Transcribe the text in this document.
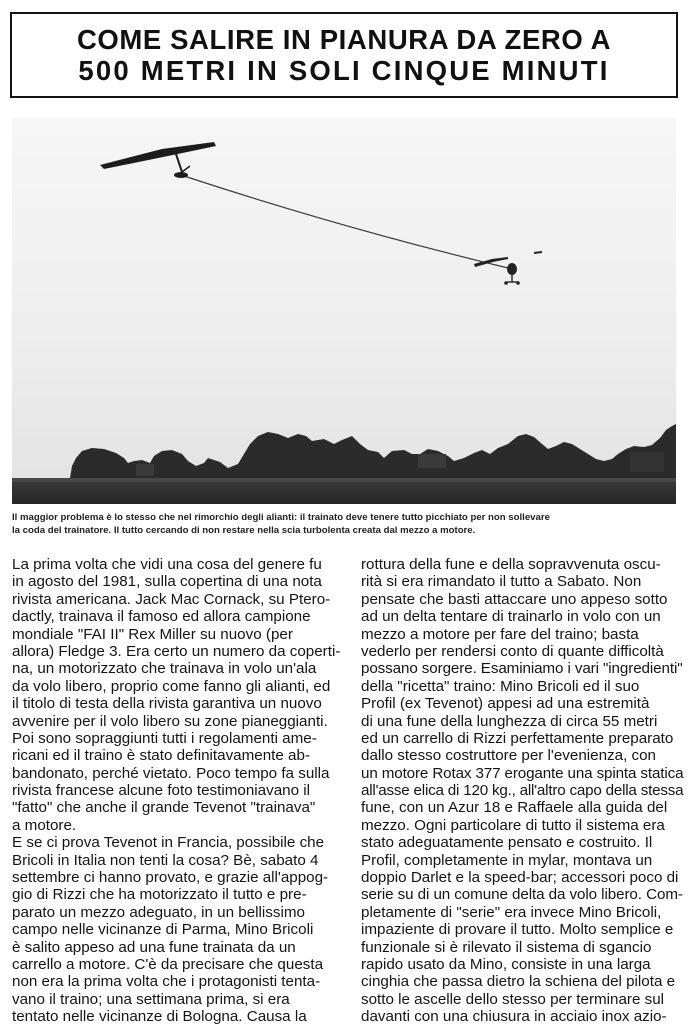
COME SALIRE IN PIANURA DA ZERO A
500 METRI IN SOLI CINQUE MINUTI
Il maggior problema è lo stesso che nel rimorchio degli alianti: il trainato deve tenere tutto picchiato per non sollevare
la coda del trainatore. Il tutto cercando di non restare nella scia turbolenta creata dal mezzo a motore.
La prima volta che vidi una cosa del genere fu
in agosto del 1981, sulla copertina di una nota
rivista americana. Jack Mac Cornack, su Ptero-
dactly, trainava il famoso ed allora campione
mondiale "FAI II" Rex Miller su nuovo (per
allora) Fledge 3. Era certo un numero da coperti-
na, un motorizzato che trainava in volo un'ala
da volo libero, proprio come fanno gli alianti, ed
il titolo di testa della rivista garantiva un nuovo
avvenire per il volo libero su zone pianeggianti.
Poi sono sopraggiunti tutti i regolamenti ame-
ricani ed il traino è stato definitavamente ab-
bandonato, perché vietato. Poco tempo fa sulla
rivista francese alcune foto testimoniavano il
"fatto" che anche il grande Tevenot "trainava"
a motore.
E se ci prova Tevenot in Francia, possibile che
Bricoli in Italia non tenti la cosa? Bè, sabato 4
settembre ci hanno provato, e grazie all'appog-
gio di Rizzi che ha motorizzato il tutto e pre-
parato un mezzo adeguato, in un bellissimo
campo nelle vicinanze di Parma, Mino Bricoli
è salito appeso ad una fune trainata da un
carrello a motore. C'è da precisare che questa
non era la prima volta che i protagonisti tenta-
vano il traino; una settimana prima, si era
tentato nelle vicinanze di Bologna. Causa la
rottura della fune e della sopravvenuta oscu-
rità si era rimandato il tutto a Sabato. Non
pensate che basti attaccare uno appeso sotto
ad un delta tentare di trainarlo in volo con un
mezzo a motore per fare del traino; basta
vederlo per rendersi conto di quante difficoltà
possano sorgere. Esaminiamo i vari "ingredienti"
della "ricetta" traino: Mino Bricoli ed il suo
Profil (ex Tevenot) appesi ad una estremità
di una fune della lunghezza di circa 55 metri
ed un carrello di Rizzi perfettamente preparato
dallo stesso costruttore per l'evenienza, con
un motore Rotax 377 erogante una spinta statica
all'asse elica di 120 kg., all'altro capo della stessa
fune, con un Azur 18 e Raffaele alla guida del
mezzo. Ogni particolare di tutto il sistema era
stato adeguatamente pensato e costruito. Il
Profil, completamente in mylar, montava un
doppio Darlet e la speed-bar; accessori poco di
serie su di un comune delta da volo libero. Com-
pletamente di "serie" era invece Mino Bricoli,
impaziente di provare il tutto. Molto semplice e
funzionale si è rilevato il sistema di sgancio
rapido usato da Mino, consiste in una larga
cinghia che passa dietro la schiena del pilota e
sotto le ascelle dello stesso per terminare sul
davanti con una chiusura in acciaio inox azio-
